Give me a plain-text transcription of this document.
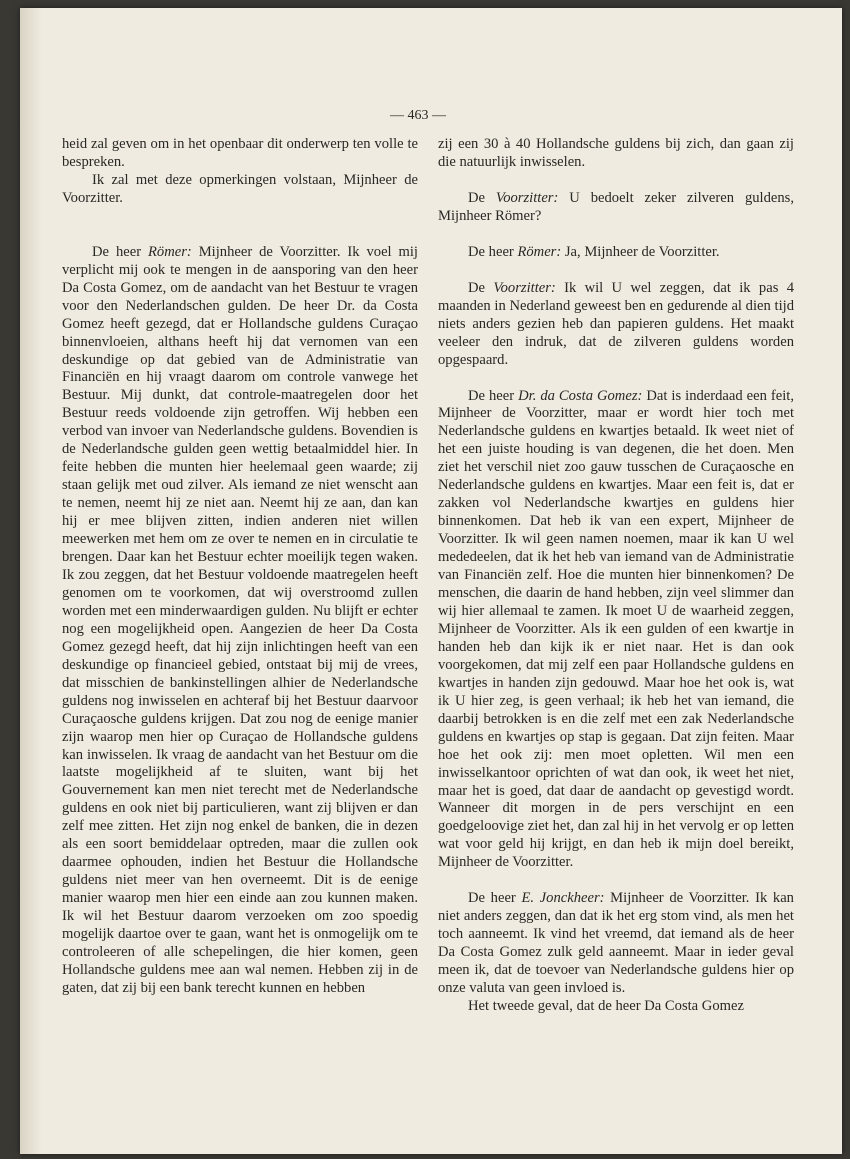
— 463 —

heid zal geven om in het openbaar dit onderwerp ten volle te bespreken.

Ik zal met deze opmerkingen volstaan, Mijnheer de Voorzitter.

De heer Römer: Mijnheer de Voorzitter. Ik voel mij verplicht mij ook te mengen in de aansporing van den heer Da Costa Gomez, om de aandacht van het Bestuur te vragen voor den Nederlandschen gulden. De heer Dr. da Costa Gomez heeft gezegd, dat er Hollandsche guldens Curaçao binnenvloeien, althans heeft hij dat vernomen van een deskundige op dat gebied van de Administratie van Financiën en hij vraagt daarom om controle vanwege het Bestuur. Mij dunkt, dat controle-maatregelen door het Bestuur reeds voldoende zijn getroffen. Wij hebben een verbod van invoer van Nederlandsche guldens. Bovendien is de Nederlandsche gulden geen wettig betaalmiddel hier. In feite hebben die munten hier heelemaal geen waarde; zij staan gelijk met oud zilver. Als iemand ze niet wenscht aan te nemen, neemt hij ze niet aan. Neemt hij ze aan, dan kan hij er mee blijven zitten, indien anderen niet willen meewerken met hem om ze over te nemen en in circulatie te brengen. Daar kan het Bestuur echter moeilijk tegen waken. Ik zou zeggen, dat het Bestuur voldoende maatregelen heeft genomen om te voorkomen, dat wij overstroomd zullen worden met een minderwaardigen gulden. Nu blijft er echter nog een mogelijkheid open. Aangezien de heer Da Costa Gomez gezegd heeft, dat hij zijn inlichtingen heeft van een deskundige op financieel gebied, ontstaat bij mij de vrees, dat misschien de bankinstellingen alhier de Nederlandsche guldens nog inwisselen en achteraf bij het Bestuur daarvoor Curaçaosche guldens krijgen. Dat zou nog de eenige manier zijn waarop men hier op Curaçao de Hollandsche guldens kan inwisselen. Ik vraag de aandacht van het Bestuur om die laatste mogelijkheid af te sluiten, want bij het Gouvernement kan men niet terecht met de Nederlandsche guldens en ook niet bij particulieren, want zij blijven er dan zelf mee zitten. Het zijn nog enkel de banken, die in dezen als een soort bemiddelaar optreden, maar die zullen ook daarmee ophouden, indien het Bestuur die Hollandsche guldens niet meer van hen overneemt. Dit is de eenige manier waarop men hier een einde aan zou kunnen maken. Ik wil het Bestuur daarom verzoeken om zoo spoedig mogelijk daartoe over te gaan, want het is onmogelijk om te controleeren of alle schepelingen, die hier komen, geen Hollandsche guldens mee aan wal nemen. Hebben zij in de gaten, dat zij bij een bank terecht kunnen en hebben

zij een 30 à 40 Hollandsche guldens bij zich, dan gaan zij die natuurlijk inwisselen.

De Voorzitter: U bedoelt zeker zilveren guldens, Mijnheer Römer?

De heer Römer: Ja, Mijnheer de Voorzitter.

De Voorzitter: Ik wil U wel zeggen, dat ik pas 4 maanden in Nederland geweest ben en gedurende al dien tijd niets anders gezien heb dan papieren guldens. Het maakt veeleer den indruk, dat de zilveren guldens worden opgespaard.

De heer Dr. da Costa Gomez: Dat is inderdaad een feit, Mijnheer de Voorzitter, maar er wordt hier toch met Nederlandsche guldens en kwartjes betaald. Ik weet niet of het een juiste houding is van degenen, die het doen. Men ziet het verschil niet zoo gauw tusschen de Curaçaosche en Nederlandsche guldens en kwartjes. Maar een feit is, dat er zakken vol Nederlandsche kwartjes en guldens hier binnenkomen. Dat heb ik van een expert, Mijnheer de Voorzitter. Ik wil geen namen noemen, maar ik kan U wel mededeelen, dat ik het heb van iemand van de Administratie van Financiën zelf. Hoe die munten hier binnenkomen? De menschen, die daarin de hand hebben, zijn veel slimmer dan wij hier allemaal te zamen. Ik moet U de waarheid zeggen, Mijnheer de Voorzitter. Als ik een gulden of een kwartje in handen heb dan kijk ik er niet naar. Het is dan ook voorgekomen, dat mij zelf een paar Hollandsche guldens en kwartjes in handen zijn gedouwd. Maar hoe het ook is, wat ik U hier zeg, is geen verhaal; ik heb het van iemand, die daarbij betrokken is en die zelf met een zak Nederlandsche guldens en kwartjes op stap is gegaan. Dat zijn feiten. Maar hoe het ook zij: men moet opletten. Wil men een inwisselkantoor oprichten of wat dan ook, ik weet het niet, maar het is goed, dat daar de aandacht op gevestigd wordt. Wanneer dit morgen in de pers verschijnt en een goedgeloovige ziet het, dan zal hij in het vervolg er op letten wat voor geld hij krijgt, en dan heb ik mijn doel bereikt, Mijnheer de Voorzitter.

De heer E. Jonckheer: Mijnheer de Voorzitter. Ik kan niet anders zeggen, dan dat ik het erg stom vind, als men het toch aanneemt. Ik vind het vreemd, dat iemand als de heer Da Costa Gomez zulk geld aanneemt. Maar in ieder geval meen ik, dat de toevoer van Nederlandsche guldens hier op onze valuta van geen invloed is.

Het tweede geval, dat de heer Da Costa Gomez
